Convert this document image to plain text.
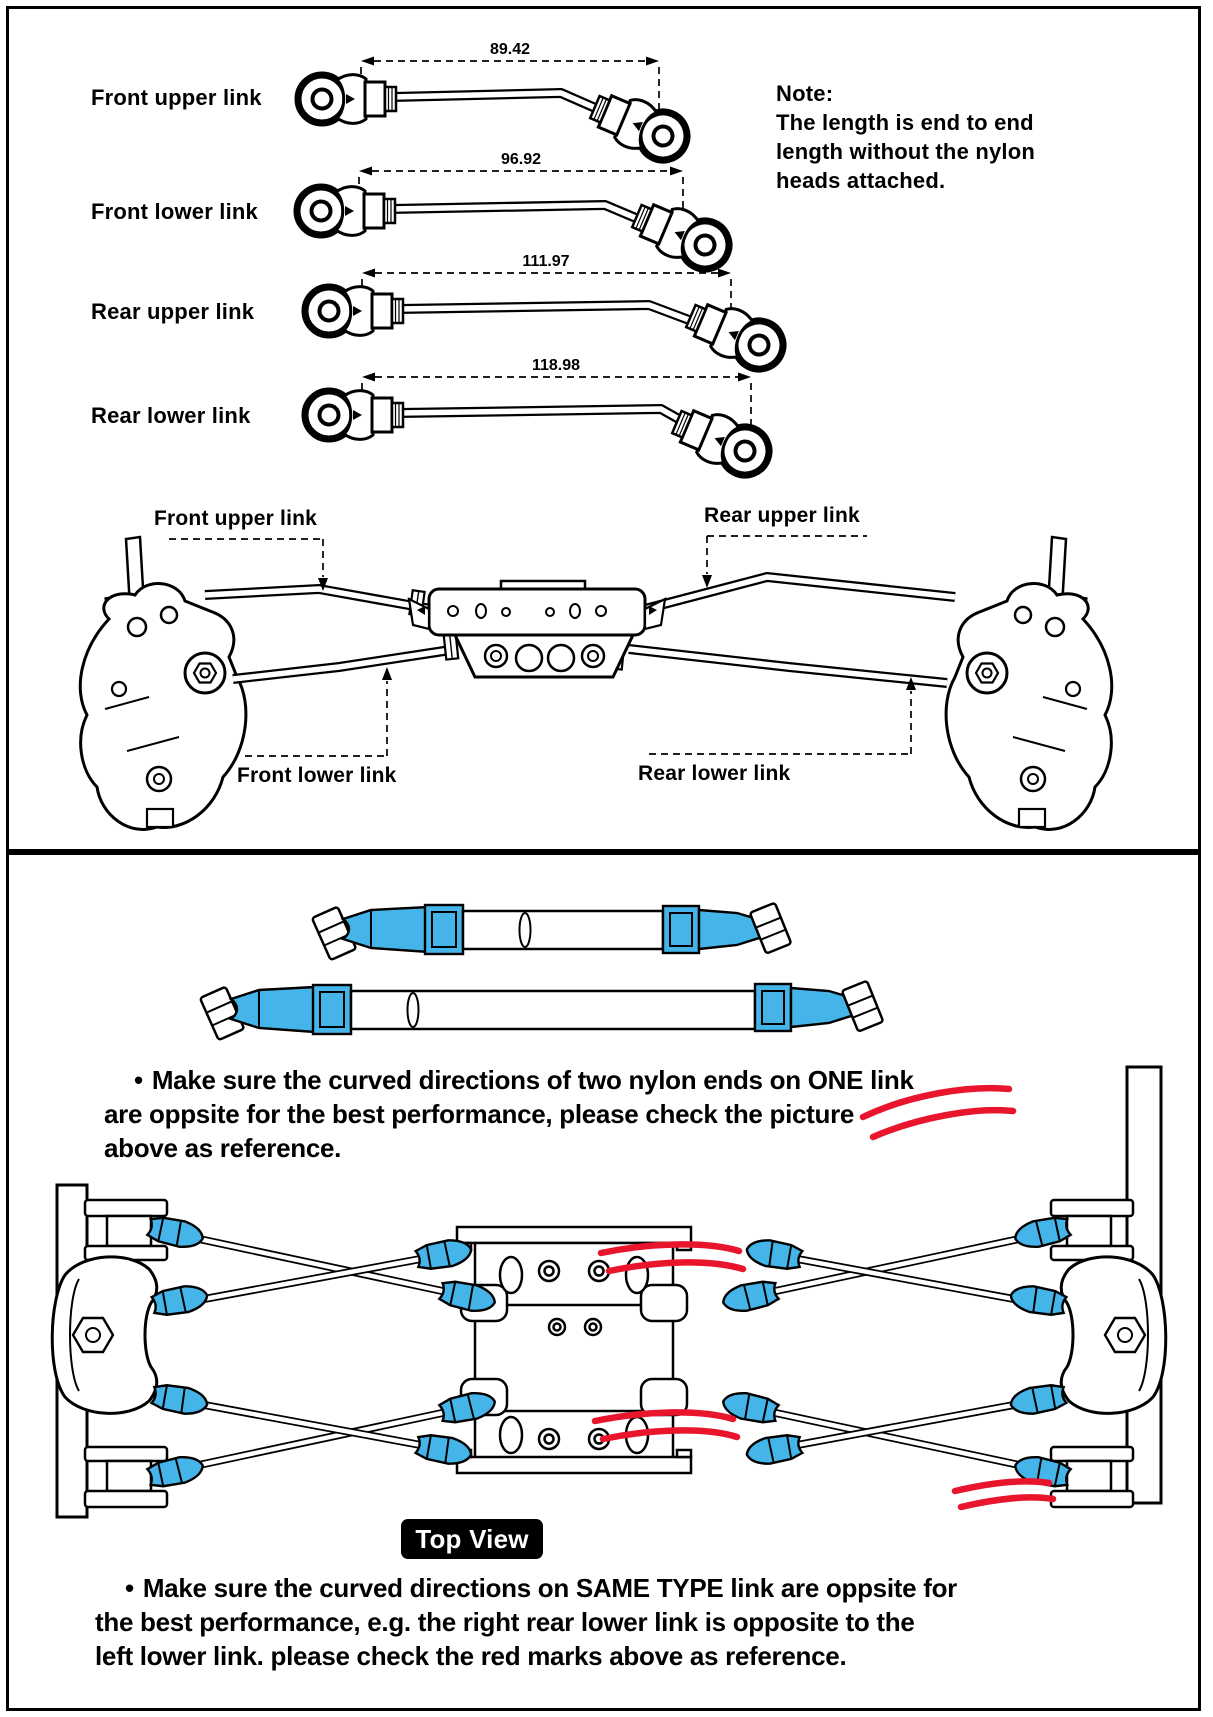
89.42
96.92
111.97
118.98
Front upper link
Front lower link
Rear upper link
Rear lower link
Note:
The length is end to end
length without the nylon
heads attached.
Front upper link	Rear upper link
Front lower link	Rear lower link
• Make sure the curved directions of two nylon ends on ONE link
are oppsite for the best performance, please check the picture
above as reference.
Top View
• Make sure the curved directions on SAME TYPE link are oppsite for
the best performance, e.g. the right rear lower link is opposite to the
left lower link. please check the red marks above as reference.
